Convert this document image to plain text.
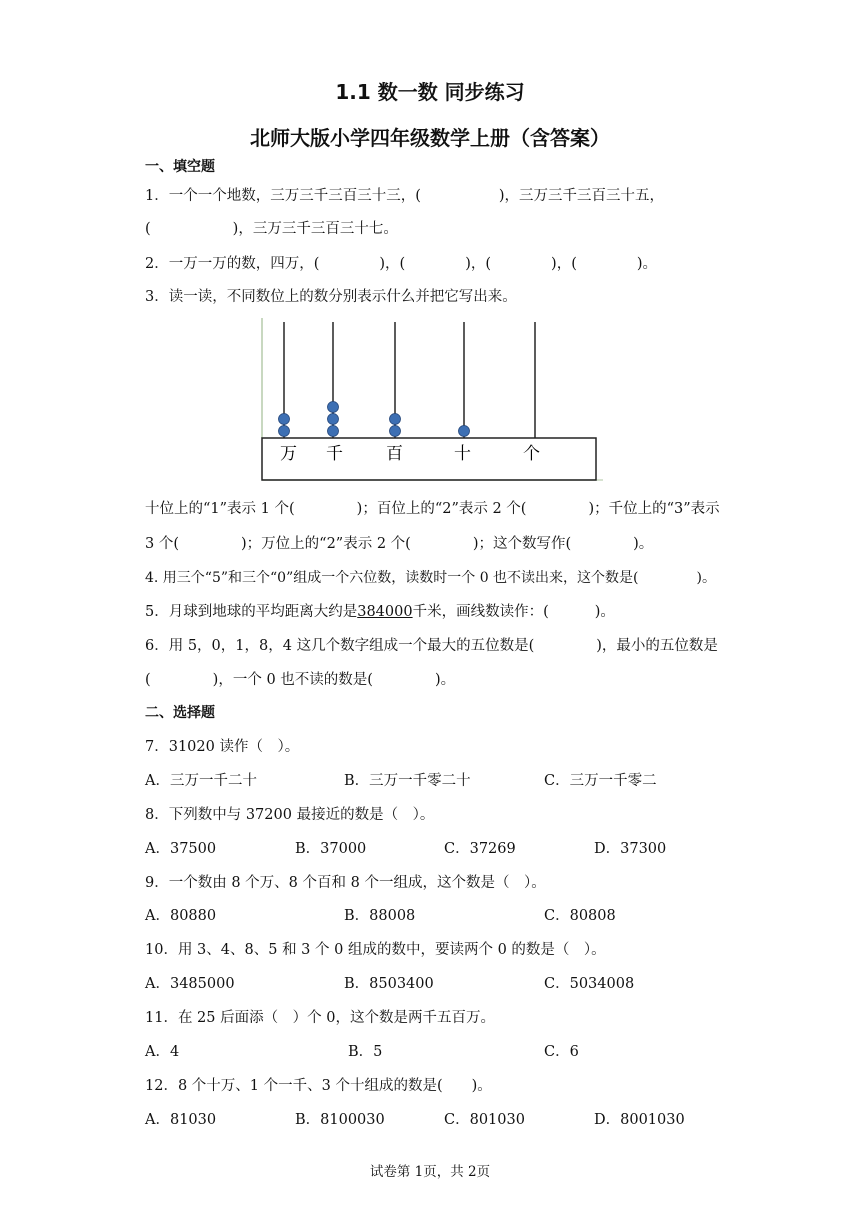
1.1 数一数 同步练习
北师大版小学四年级数学上册（含答案）
一、填空题
1．一个一个地数，三万三千三百三十三，(	)，三万三千三百三十五，
(	)，三万三千三百三十七。
2．一万一万的数，四万，(	)，(	)，(	)，(	)。
3．读一读，不同数位上的数分别表示什么并把它写出来。
万 千	百	十	个
十位上的“1”表示 1 个(	)；百位上的“2”表示 2 个(	)；千位上的“3”表示
3 个(	)；万位上的“2”表示 2 个(	)；这个数写作(	)。
4. 用三个“5”和三个“0”组成一个六位数，读数时一个 0 也不读出来，这个数是(	)。
5．月球到地球的平均距离大约是384000千米，画线数读作：(	)。
6．用 5，0，1，8，4 这几个数字组成一个最大的五位数是(	)，最小的五位数是
(	)，一个 0 也不读的数是(	)。
二、选择题
7．31020 读作（　）。
A．三万一千二十	B．三万一千零二十	C．三万一千零二
8．下列数中与 37200 最接近的数是（　）。
A．37500	B．37000	C．37269	D．37300
9．一个数由 8 个万、8 个百和 8 个一组成，这个数是（　）。
A．80880	B．88008	C．80808
10．用 3、4、8、5 和 3 个 0 组成的数中，要读两个 0 的数是（　）。
A．3485000	B．8503400	C．5034008
11．在 25 后面添（　）个 0，这个数是两千五百万。
A．4	B．5	C．6
12．8 个十万、1 个一千、3 个十组成的数是(　　)。
A．81030	B．8100030	C．801030	D．8001030
试卷第 1页，共 2页
